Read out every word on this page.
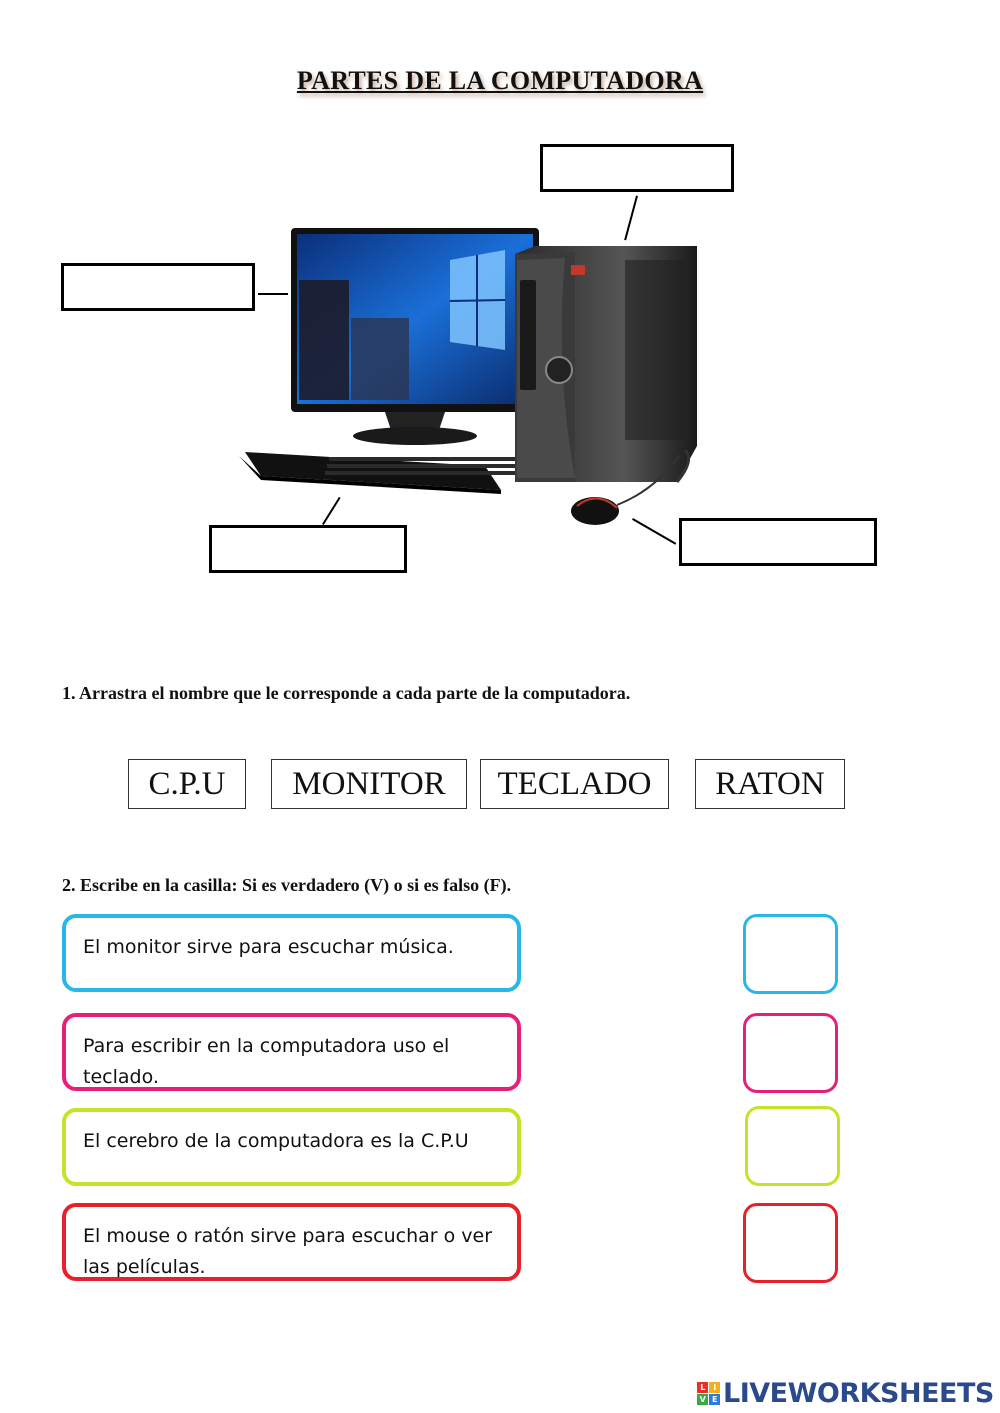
PARTES DE LA COMPUTADORA
1. Arrastra el nombre que le corresponde a cada parte de la computadora.
C.P.U	MONITOR	TECLADO	RATON
2. Escribe en la casilla: Si es verdadero (V) o si es falso (F).
El monitor sirve para escuchar música.
Para escribir en la computadora uso el teclado.
El cerebro de la computadora es la C.P.U
El mouse o ratón sirve para escuchar o ver las películas.
L	I
V E LIVEWORKSHEETS
